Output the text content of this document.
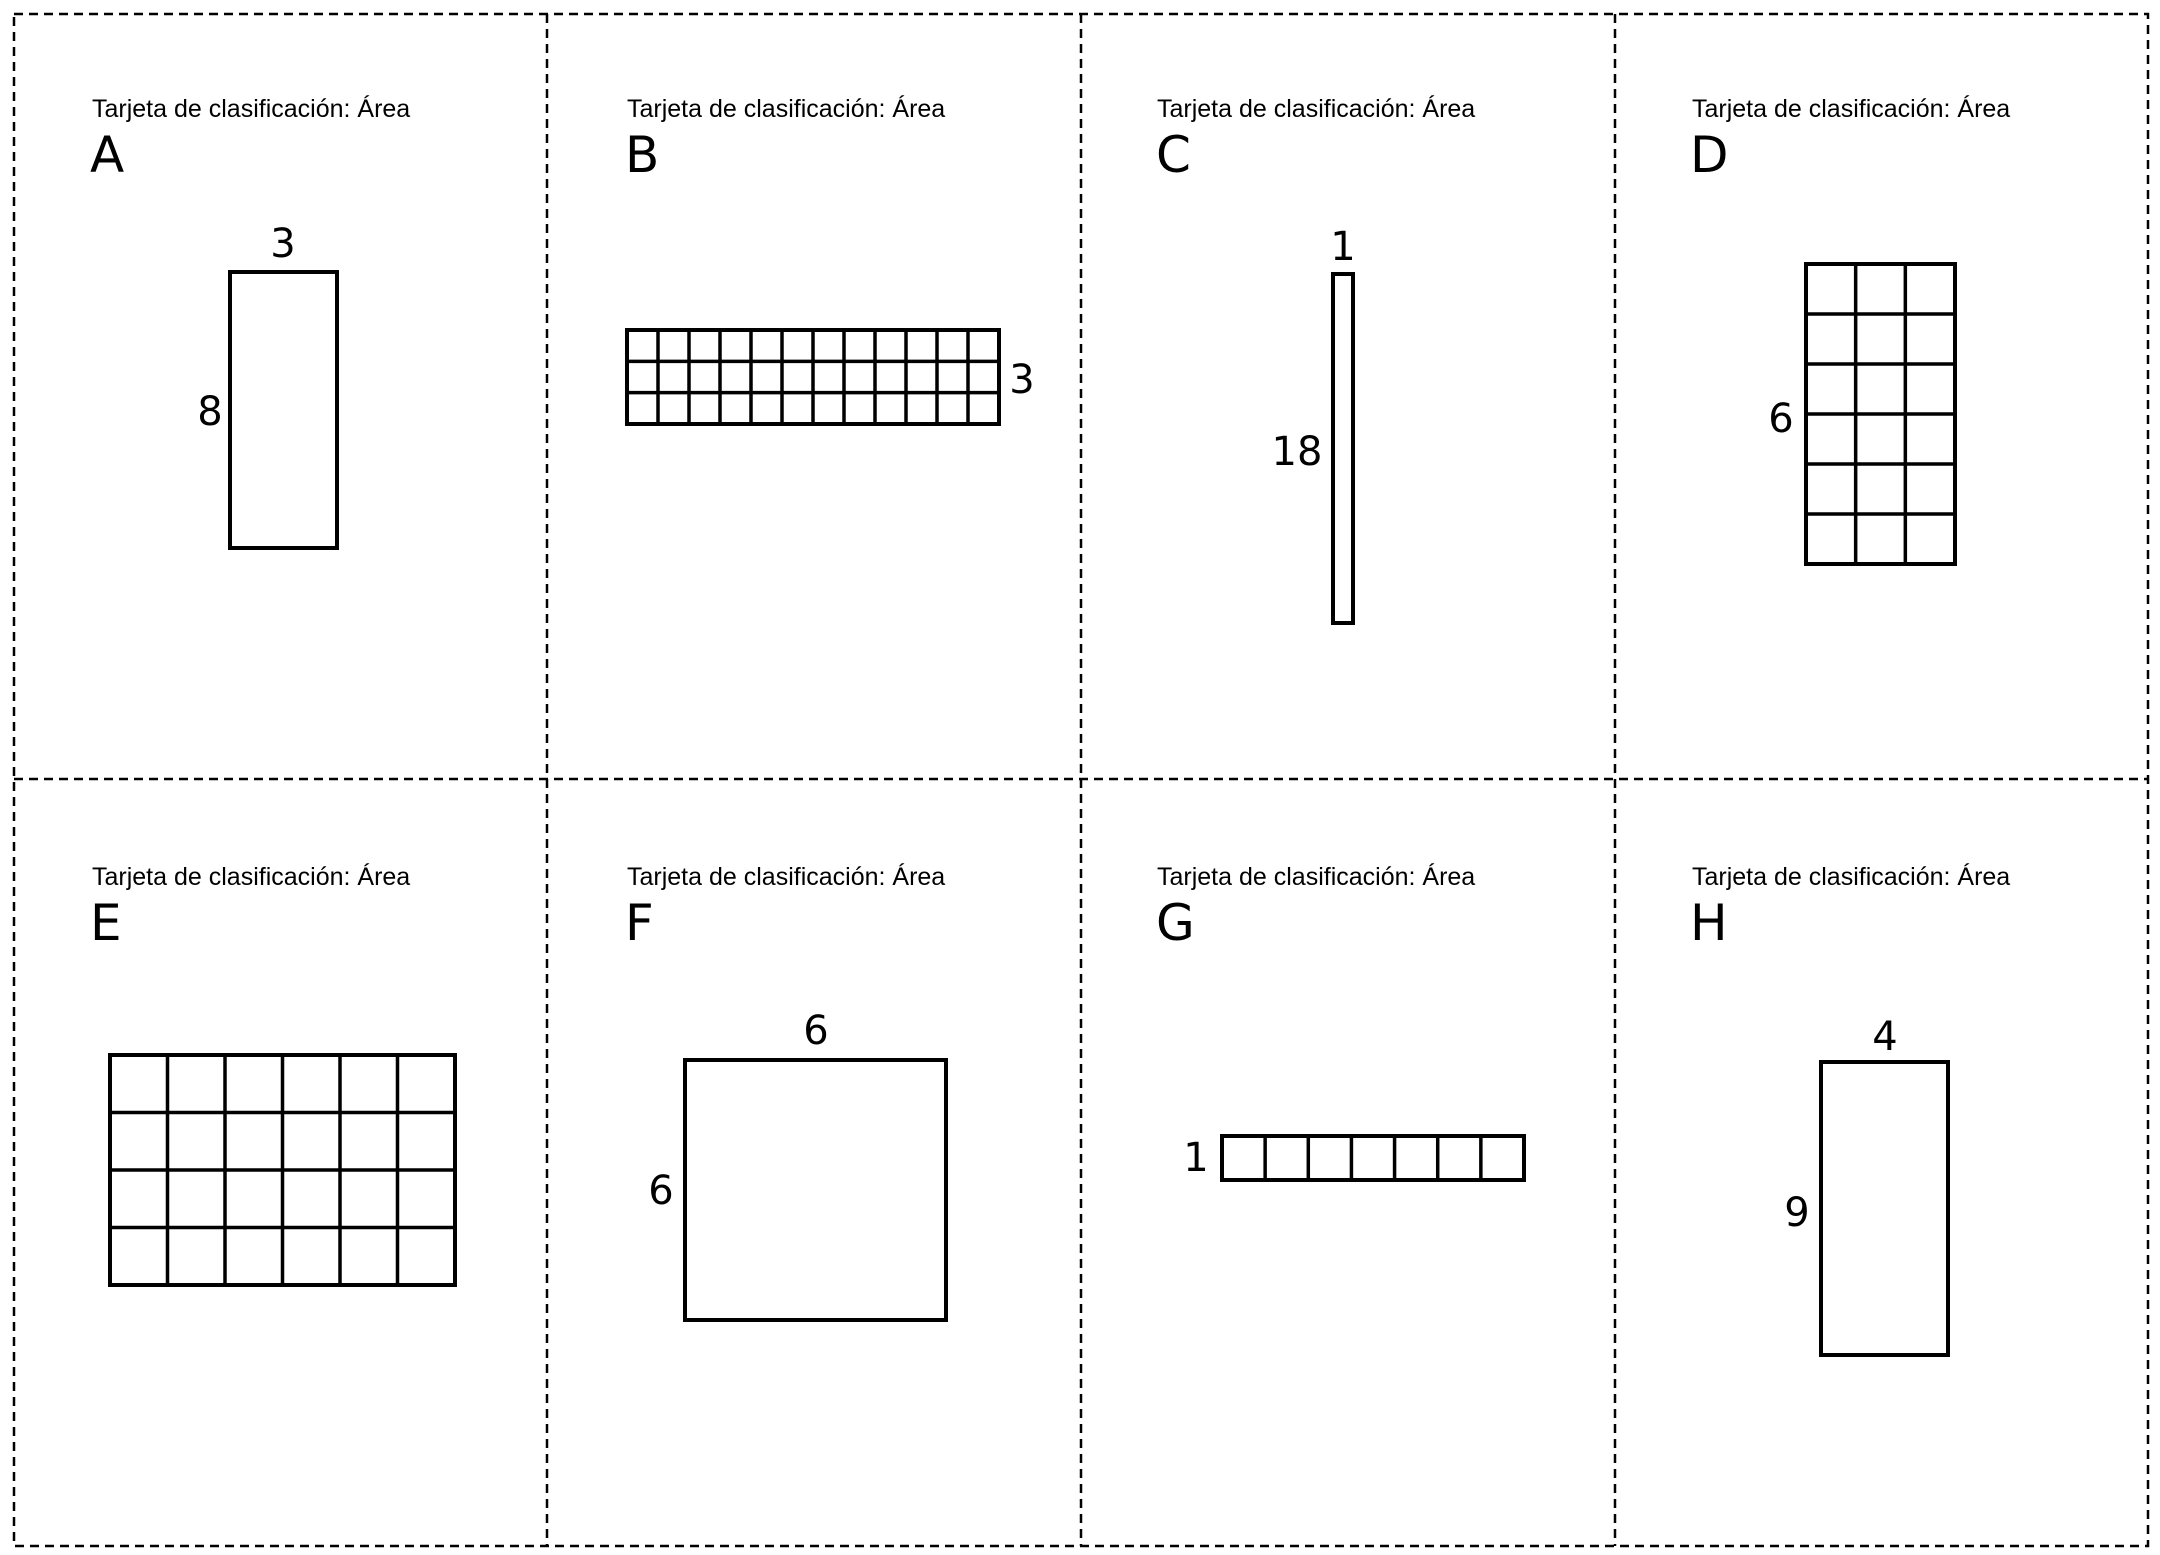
Tarjeta de clasificación: Área
A
3
8
Tarjeta de clasificación: Área
B
3
Tarjeta de clasificación: Área
C
1
18
Tarjeta de clasificación: Área
D
6
Tarjeta de clasificación: Área
E
Tarjeta de clasificación: Área
F
6
6
Tarjeta de clasificación: Área
G
1
Tarjeta de clasificación: Área
H
4
9
